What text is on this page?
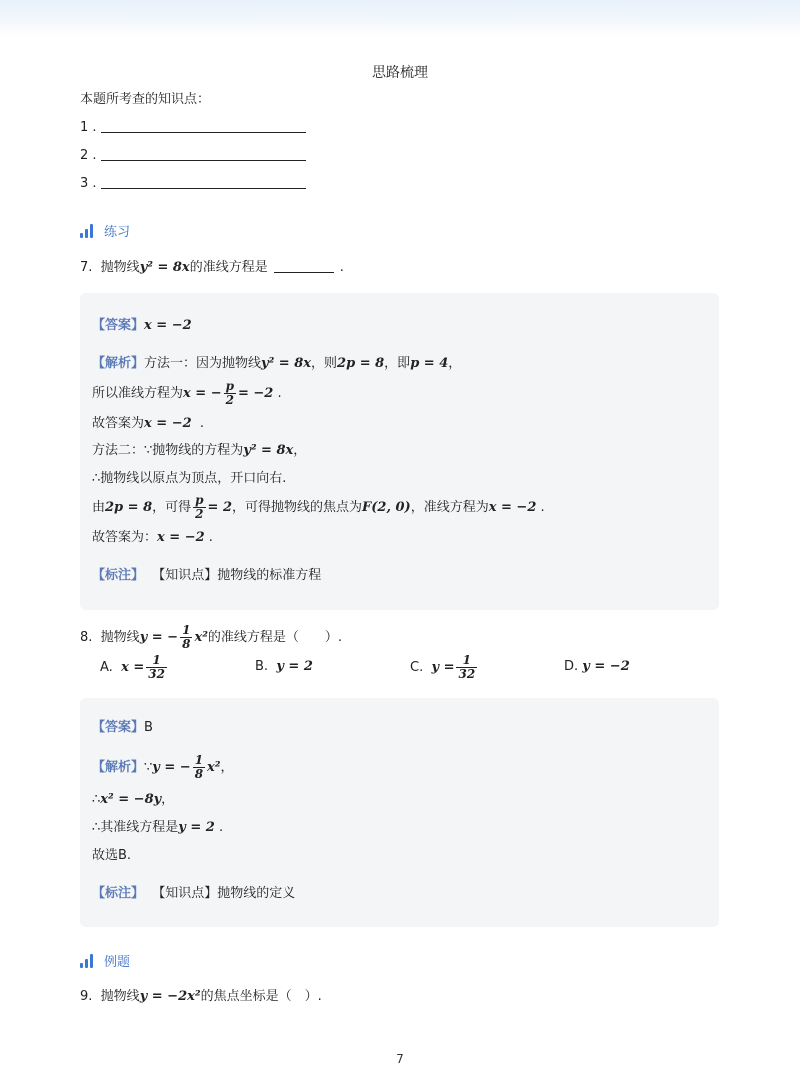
思路梳理
本题所考查的知识点：
1 .
2 .
3 .
练习
7. 抛物线y² = 8x的准线方程是	.
【答案】x = −2
【解析】方法一：因为抛物线y² = 8x，则2p = 8，即p = 4，
所以准线方程为x = − $\frac{p}{2} = -2$ .
故答案为x = −2 .
方法二：∵抛物线的方程为y² = 8x，
∴抛物线以原点为顶点，开口向右.
由2p = 8，可得 $\frac{p}{2} = 2$，可得抛物线的焦点为F(2, 0)，准线方程为x = −2 .
故答案为：x = −2 .
【标注】 【知识点】抛物线的标准方程
8. 抛物线y = − $\frac{1}{8} x^2$的准线方程是（　　）.
A. $x = \frac{1}{32}$	B. y = 2	C. $y = \frac{1}{32}$	D. y = −2
【答案】B
【解析】∵y = − $\frac{1}{8} x^2$，
∴x² = −8y，
∴其准线方程是y = 2 .
故选B.
【标注】 【知识点】抛物线的定义
例题
9. 抛物线y = −2x²的焦点坐标是（　）.
7
